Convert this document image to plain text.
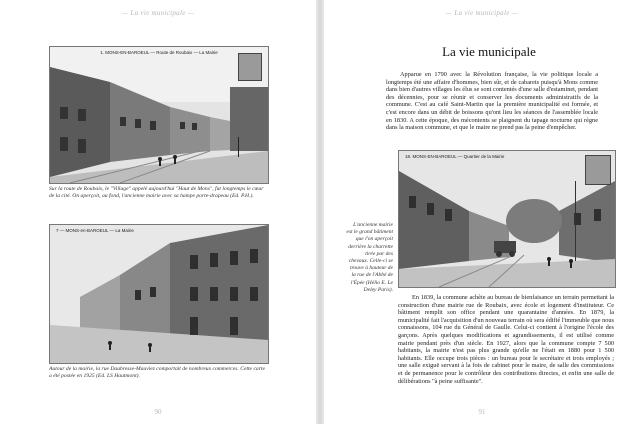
— La vie municipale —
1. MONS-EN-BAROEUL — Route de Roubaix — La Mairie
Sur la route de Roubaix, le "Village" appelé aujourd'hui "Haut de Mons", fut longtemps le cœur de la cité. On aperçoit, au fond, l'ancienne mairie avec sa hampe porte-drapeau (Ed. P.H.).
7 — MONS-en-BAROEUL — La Mairie
Autour de la mairie, la rue Daubresse-Mauviez comportait de nombreux commerces. Cette carte a été postée en 1925 (Ed. LS Hautmont).
90
— La vie municipale —
La vie municipale

Apparue en 1790 avec la Révolution française, la vie politique locale a longtemps été une affaire d'hommes, bien sûr, et de cabarets puisqu'à Mons comme dans bien d'autres villages les élus se sont contentés d'une salle d'estaminet, pendant des décennies, pour se réunir et conserver les documents administratifs de la commune. C'est au café Saint-Martin que la première municipalité est formée, et c'est encore dans un débit de boissons qu'ont lieu les séances de l'assemblée locale en 1830. A cette époque, des mécontents se plaignent du tapage nocturne qui règne dans la maison commune, et que le maire ne prend pas la peine d'empêcher.

18. MONS-EN-BAROEUL — Quartier de la Mairie
L'ancienne mairie est le grand bâtiment que l'on aperçoit derrière la charrette tirée par des chevaux. Celle-ci se trouve à hauteur de la rue de l'Abbé de l'Épée (Hélio E. Le Deley Paris).

En 1839, la commune achète au bureau de bienfaisance un terrain permettant la construction d'une mairie rue de Roubaix, avec école et logement d'instituteur. Ce bâtiment remplit son office pendant une quarantaine d'années. En 1879, la municipalité fait l'acquisition d'un nouveau terrain où sera édifié l'immeuble que nous connaissons, 104 rue du Général de Gaulle. Celui-ci contient à l'origine l'école des garçons. Après quelques modifications et agrandissements, il est utilisé comme mairie pendant près d'un siècle. En 1927, alors que la commune compte 7 500 habitants, la mairie n'est pas plus grande qu'elle ne l'était en 1880 pour 1 500 habitants. Elle occupe trois pièces : un bureau pour le secrétaire et trois employés ; une salle exiguë servant à la fois de cabinet pour le maire, de salle des commissions et de permanence pour le contrôleur des contributions directes, et enfin une salle de délibérations "à peine suffisante".

91
